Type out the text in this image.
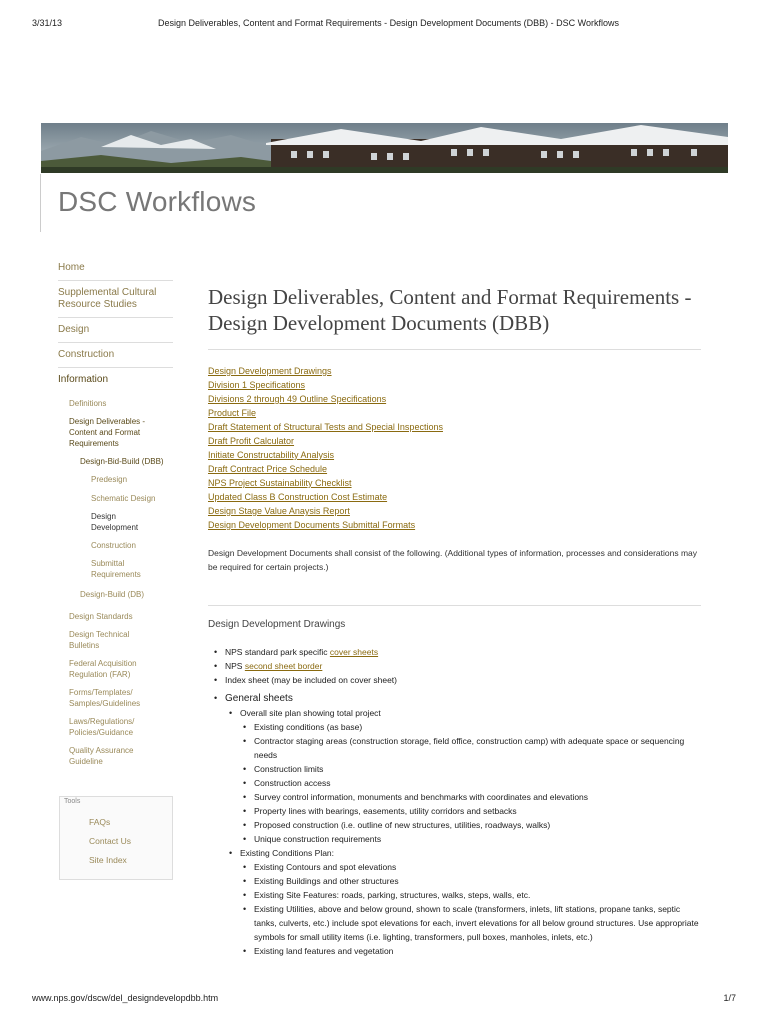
3/31/13	Design Deliverables, Content and Format Requirements - Design Development Documents (DBB) - DSC Workflows
DSC Workflows
Home
Supplemental Cultural Resource Studies
Design
Construction
Information
Definitions
Design Deliverables - Content and Format Requirements
Design-Bid-Build (DBB)
Predesign
Schematic Design
Design Development
Construction
Submittal Requirements
Design-Build (DB)
Design Standards
Design Technical Bulletins
Federal Acquisition Regulation (FAR)
Forms/Templates/ Samples/Guidelines
Laws/Regulations/ Policies/Guidance
Quality Assurance Guideline
Tools
FAQs
Contact Us
Site Index
Design Deliverables, Content and Format Requirements - Design Development Documents (DBB)
Design Development Drawings
Division 1 Specifications
Divisions 2 through 49 Outline Specifications
Product File
Draft Statement of Structural Tests and Special Inspections
Draft Profit Calculator
Initiate Constructability Analysis
Draft Contract Price Schedule
NPS Project Sustainability Checklist
Updated Class B Construction Cost Estimate
Design Stage Value Anaysis Report
Design Development Documents Submittal Formats

Design Development Documents shall consist of the following. (Additional types of information, processes and considerations may be required for certain projects.)

Design Development Drawings
• NPS standard park specific cover sheets
• NPS second sheet border
• Index sheet (may be included on cover sheet)
• General sheets
• Overall site plan showing total project
• Existing conditions (as base)
• Contractor staging areas (construction storage, field office, construction camp) with adequate space or sequencing needs
• Construction limits
• Construction access
• Survey control information, monuments and benchmarks with coordinates and elevations
• Property lines with bearings, easements, utility corridors and setbacks
• Proposed construction (i.e. outline of new structures, utilities, roadways, walks)
• Unique construction requirements
• Existing Conditions Plan:
• Existing Contours and spot elevations
• Existing Buildings and other structures
• Existing Site Features: roads, parking, structures, walks, steps, walls, etc.
• Existing Utilities, above and below ground, shown to scale (transformers, inlets, lift stations, propane tanks, septic tanks, culverts, etc.) include spot elevations for each, invert elevations for all below ground structures. Use appropriate symbols for small utility items (i.e. lighting, transformers, pull boxes, manholes, inlets, etc.)
• Existing land features and vegetation
www.nps.gov/dscw/del_designdevelopdbb.htm	1/7
